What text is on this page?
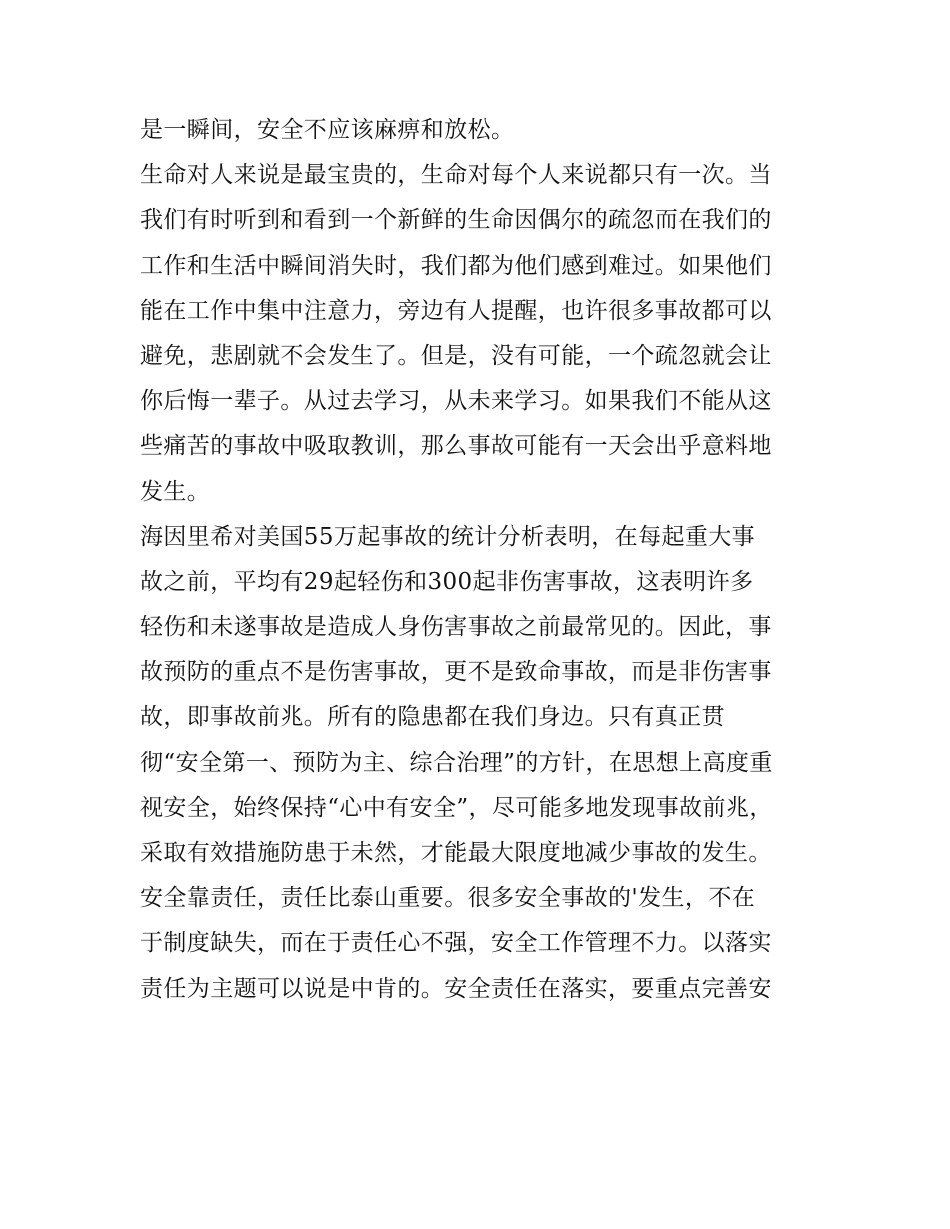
是一瞬间，安全不应该麻痹和放松。
生命对人来说是最宝贵的，生命对每个人来说都只有一次。当
我们有时听到和看到一个新鲜的生命因偶尔的疏忽而在我们的
工作和生活中瞬间消失时，我们都为他们感到难过。如果他们
能在工作中集中注意力，旁边有人提醒，也许很多事故都可以
避免，悲剧就不会发生了。但是，没有可能，一个疏忽就会让
你后悔一辈子。从过去学习，从未来学习。如果我们不能从这
些痛苦的事故中吸取教训，那么事故可能有一天会出乎意料地
发生。
海因里希对美国55万起事故的统计分析表明，在每起重大事
故之前，平均有29起轻伤和300起非伤害事故，这表明许多
轻伤和未遂事故是造成人身伤害事故之前最常见的。因此，事
故预防的重点不是伤害事故，更不是致命事故，而是非伤害事
故，即事故前兆。所有的隐患都在我们身边。只有真正贯
彻“安全第一、预防为主、综合治理”的方针，在思想上高度重
视安全，始终保持“心中有安全”，尽可能多地发现事故前兆，
采取有效措施防患于未然，才能最大限度地减少事故的发生。
安全靠责任，责任比泰山重要。很多安全事故的'发生，不在
于制度缺失，而在于责任心不强，安全工作管理不力。以落实
责任为主题可以说是中肯的。安全责任在落实，要重点完善安
